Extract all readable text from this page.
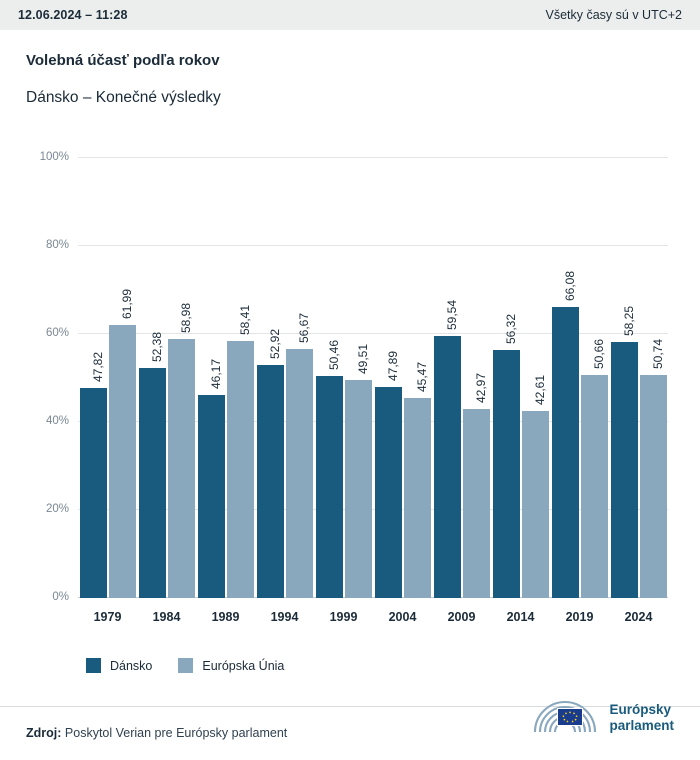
12.06.2024 – 11:28	Všetky časy sú v UTC+2
Volebná účasť podľa rokov
Dánsko – Konečné výsledky
0%
20%
40%
60%
80%
100%
47,82
61,99
52,38
58,98
46,17
58,41
52,92
56,67
50,46 49,51 47,89 45,47
59,54
42,97
56,32
42,61
66,08
50,66
58,25
50,74
1979	1984	1989	1994	1999	2004	2009	2014	2019	2024
Dánsko	Európska Únia
Zdroj: Poskytol Verian pre Európsky parlament
Európsky
parlament
